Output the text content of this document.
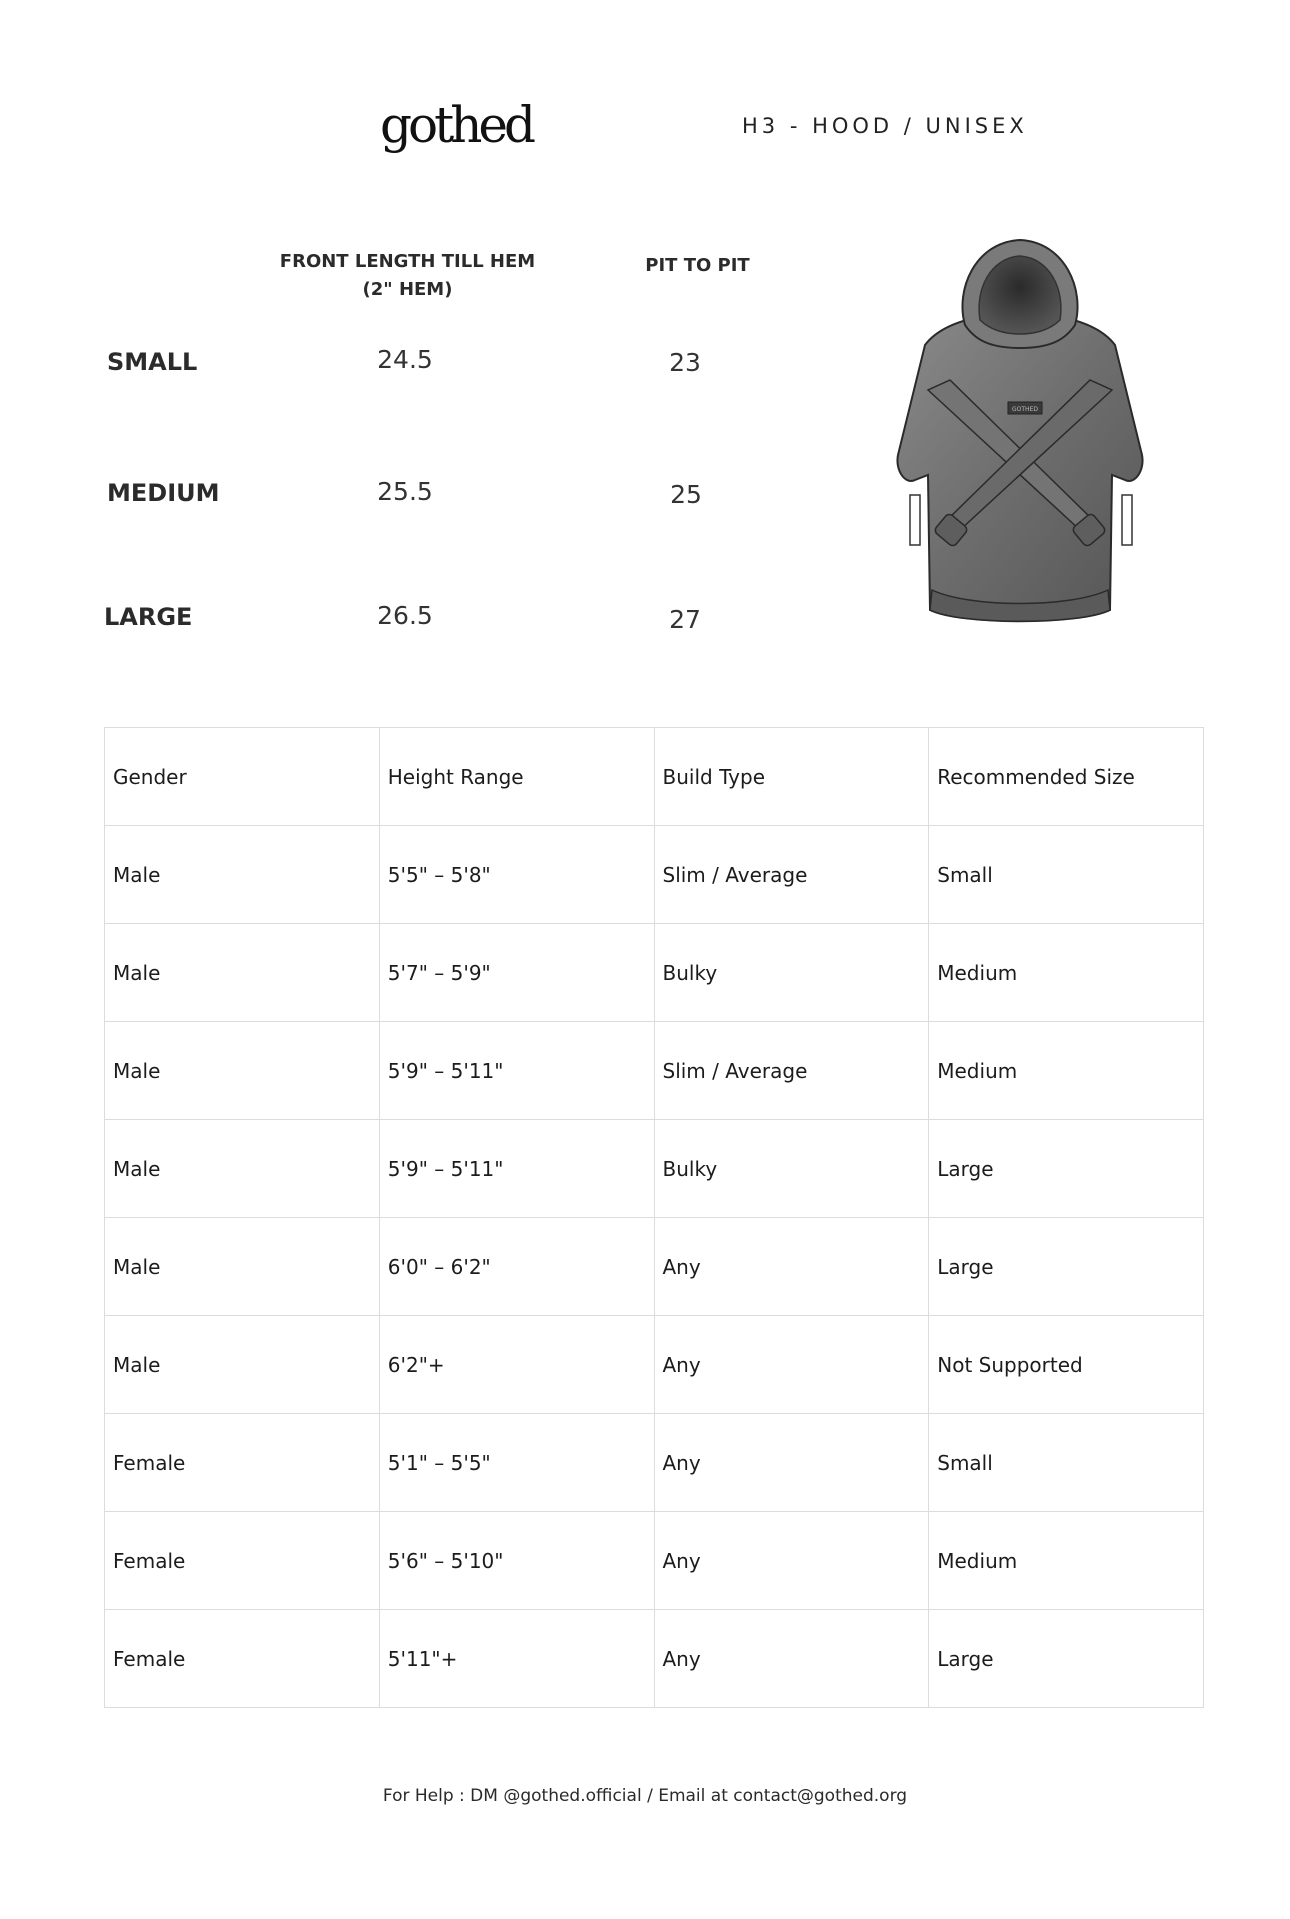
gothed	H3 - HOOD / UNISEX
FRONT LENGTH TILL HEM
(2" HEM)
PIT TO PIT
SMALL	24.5	23
MEDIUM	25.5	25
LARGE	26.5	27
GOTHED
Gender	Height Range	Build Type	Recommended Size
Male	5'5" – 5'8"	Slim / Average	Small
Male	5'7" – 5'9"	Bulky	Medium
Male	5'9" – 5'11"	Slim / Average	Medium
Male	5'9" – 5'11"	Bulky	Large
Male	6'0" – 6'2"	Any	Large
Male	6'2"+	Any	Not Supported
Female	5'1" – 5'5"	Any	Small
Female	5'6" – 5'10"	Any	Medium
Female	5'11"+	Any	Large
For Help : DM @gothed.official / Email at contact@gothed.org
